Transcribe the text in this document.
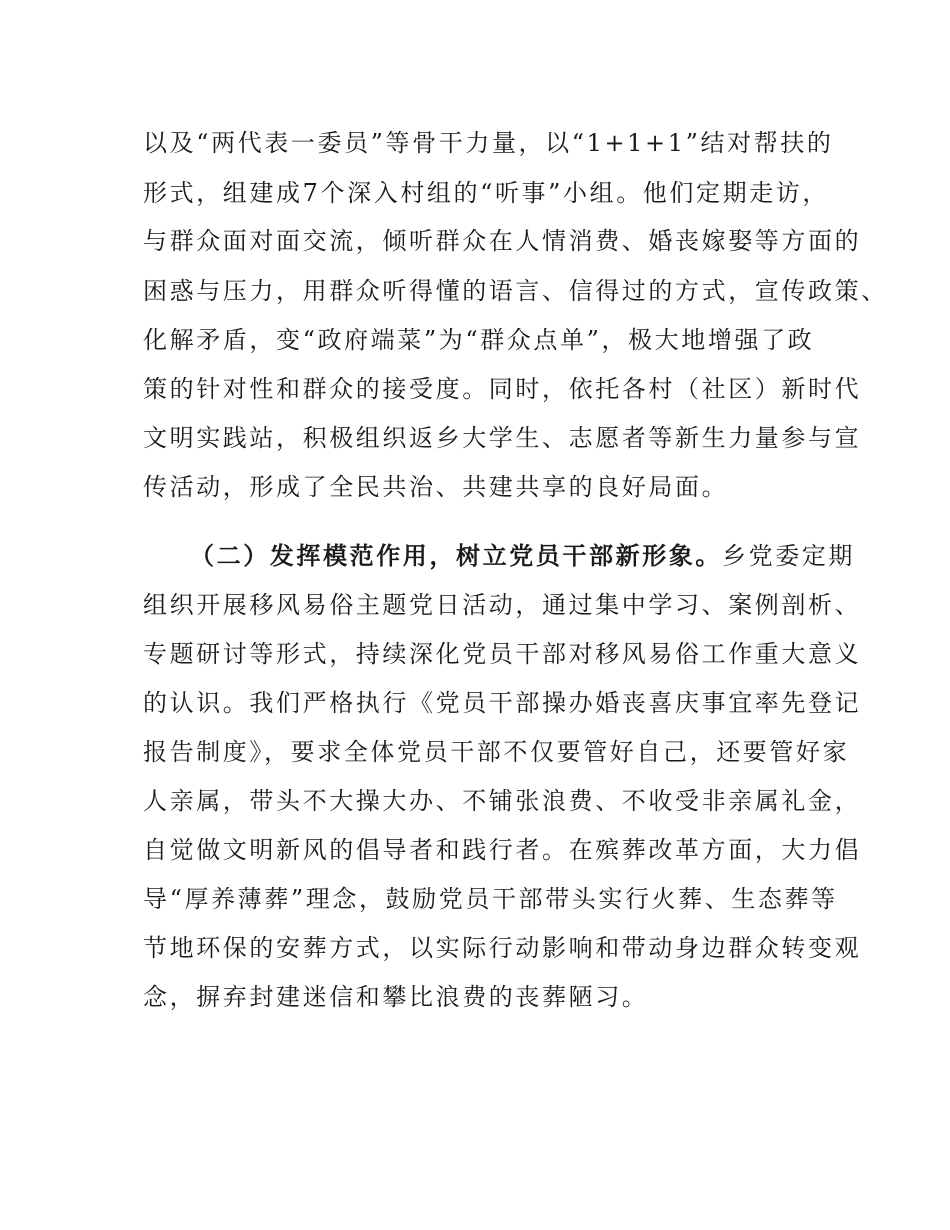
以及“两代表一委员”等骨干力量，以“1+1+1”结对帮扶的
形式，组建成7个深入村组的“听事”小组。他们定期走访，
与群众面对面交流，倾听群众在人情消费、婚丧嫁娶等方面的
困惑与压力，用群众听得懂的语言、信得过的方式，宣传政策、
化解矛盾，变“政府端菜”为“群众点单”，极大地增强了政
策的针对性和群众的接受度。同时，依托各村（社区）新时代
文明实践站，积极组织返乡大学生、志愿者等新生力量参与宣
传活动，形成了全民共治、共建共享的良好局面。
（二）发挥模范作用，树立党员干部新形象。乡党委定期
组织开展移风易俗主题党日活动，通过集中学习、案例剖析、
专题研讨等形式，持续深化党员干部对移风易俗工作重大意义
的认识。我们严格执行《党员干部操办婚丧喜庆事宜率先登记
报告制度》，要求全体党员干部不仅要管好自己，还要管好家
人亲属，带头不大操大办、不铺张浪费、不收受非亲属礼金，
自觉做文明新风的倡导者和践行者。在殡葬改革方面，大力倡
导“厚养薄葬”理念，鼓励党员干部带头实行火葬、生态葬等
节地环保的安葬方式，以实际行动影响和带动身边群众转变观
念，摒弃封建迷信和攀比浪费的丧葬陋习。
